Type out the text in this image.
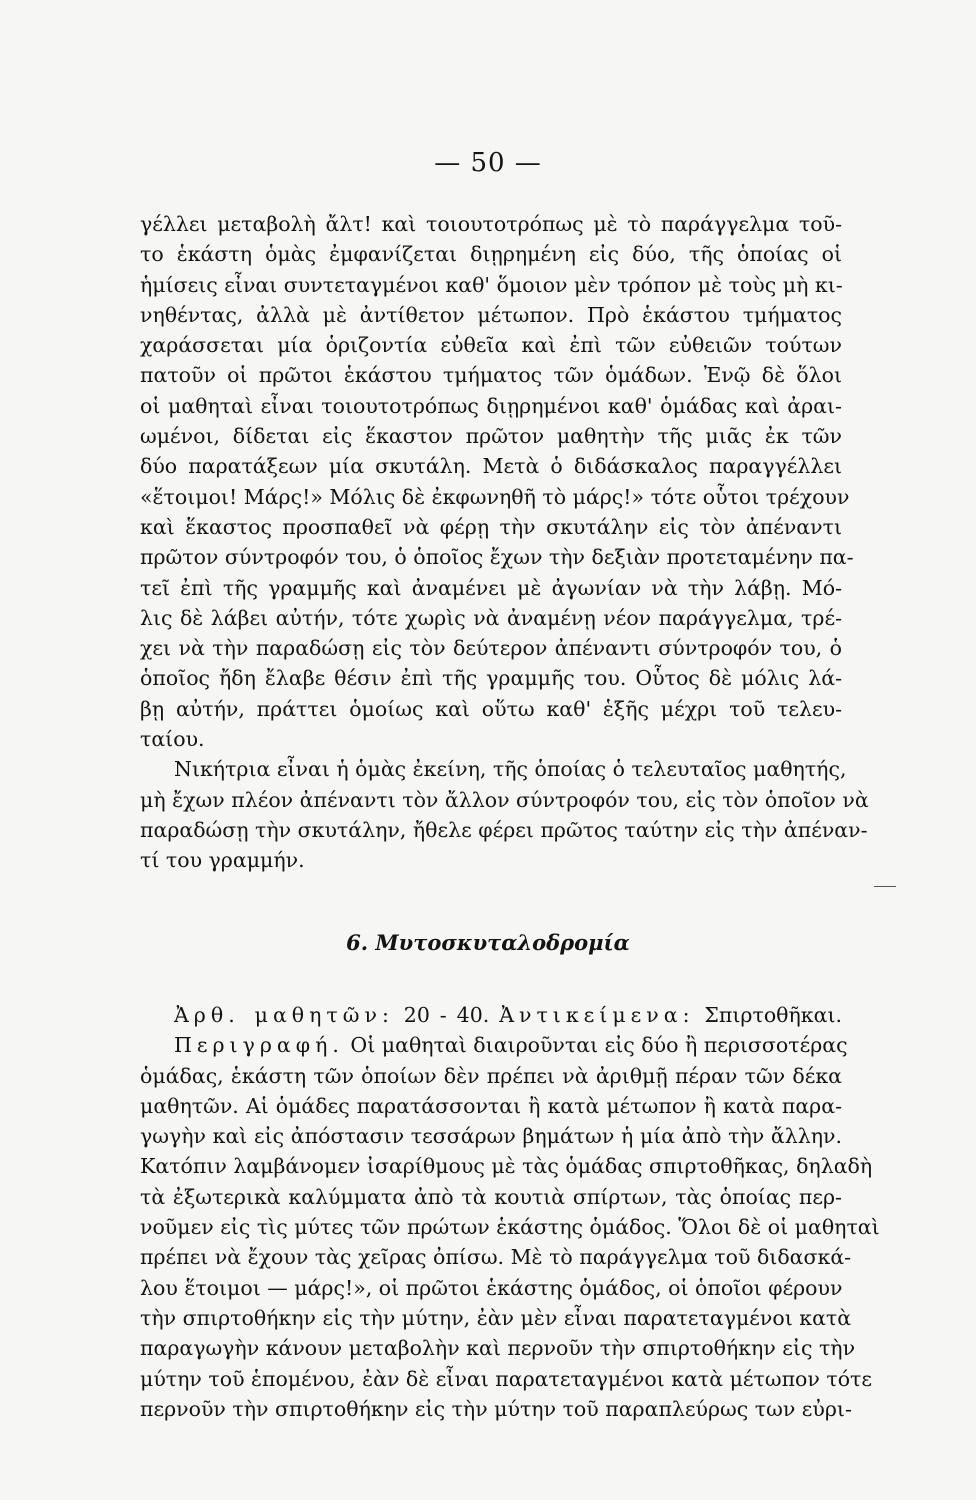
— 50 —
γέλλει μεταβολὴ ἄλτ! καὶ τοιουτοτρόπως μὲ τὸ παράγγελμα τοῦ-
το ἑκάστη ὁμὰς ἐμφανίζεται διῃρημένη εἰς δύο, τῆς ὁποίας οἱ
ἡμίσεις εἶναι συντεταγμένοι καθ' ὅμοιον μὲν τρόπον μὲ τοὺς μὴ κι-
νηθέντας, ἀλλὰ μὲ ἀντίθετον μέτωπον. Πρὸ ἑκάστου τμήματος
χαράσσεται μία ὁριζοντία εὐθεῖα καὶ ἐπὶ τῶν εὐθειῶν τούτων
πατοῦν οἱ πρῶτοι ἑκάστου τμήματος τῶν ὁμάδων. Ἐνῷ δὲ ὅλοι
οἱ μαθηταὶ εἶναι τοιουτοτρόπως διῃρημένοι καθ' ὁμάδας καὶ ἀραι-
ωμένοι, δίδεται εἰς ἕκαστον πρῶτον μαθητὴν τῆς μιᾶς ἐκ τῶν
δύο παρατάξεων μία σκυτάλη. Μετὰ ὁ διδάσκαλος παραγγέλλει
«ἕτοιμοι! Μάρς!» Μόλις δὲ ἐκφωνηθῆ τὸ μάρς!» τότε οὗτοι τρέχουν
καὶ ἕκαστος προσπαθεῖ νὰ φέρῃ τὴν σκυτάλην εἰς τὸν ἀπέναντι
πρῶτον σύντροφόν του, ὁ ὁποῖος ἔχων τὴν δεξιὰν προτεταμένην πα-
τεῖ ἐπὶ τῆς γραμμῆς καὶ ἀναμένει μὲ ἀγωνίαν νὰ τὴν λάβῃ. Μό-
λις δὲ λάβει αὐτήν, τότε χωρὶς νὰ ἀναμένῃ νέον παράγγελμα, τρέ-
χει νὰ τὴν παραδώσῃ εἰς τὸν δεύτερον ἀπέναντι σύντροφόν του, ὁ
ὁποῖος ἤδη ἔλαβε θέσιν ἐπὶ τῆς γραμμῆς του. Οὗτος δὲ μόλις λά-
βῃ αὐτήν, πράττει ὁμοίως καὶ οὕτω καθ' ἑξῆς μέχρι τοῦ τελευ-
ταίου.
Νικήτρια εἶναι ἡ ὁμὰς ἐκείνη, τῆς ὁποίας ὁ τελευταῖος μαθητής,
μὴ ἔχων πλέον ἀπέναντι τὸν ἄλλον σύντροφόν του, εἰς τὸν ὁποῖον νὰ
παραδώσῃ τὴν σκυτάλην, ἤθελε φέρει πρῶτος ταύτην εἰς τὴν ἀπέναν-
τί του γραμμήν.
6. Μυτοσκυταλοδρομία
Ἀρθ. μαθητῶν: 20 - 40. Ἀντικείμενα: Σπιρτοθῆκαι.
Περιγραφή. Οἱ μαθηταὶ διαιροῦνται εἰς δύο ἢ περισσοτέρας
ὁμάδας, ἑκάστη τῶν ὁποίων δὲν πρέπει νὰ ἀριθμῇ πέραν τῶν δέκα
μαθητῶν. Αἱ ὁμάδες παρατάσσονται ἢ κατὰ μέτωπον ἢ κατὰ παρα-
γωγὴν καὶ εἰς ἀπόστασιν τεσσάρων βημάτων ἡ μία ἀπὸ τὴν ἄλλην.
Κατόπιν λαμβάνομεν ἰσαρίθμους μὲ τὰς ὁμάδας σπιρτοθῆκας, δηλαδὴ
τὰ ἐξωτερικὰ καλύμματα ἀπὸ τὰ κουτιὰ σπίρτων, τὰς ὁποίας περ-
νοῦμεν εἰς τὶς μύτες τῶν πρώτων ἑκάστης ὁμάδος. Ὅλοι δὲ οἱ μαθηταὶ
πρέπει νὰ ἔχουν τὰς χεῖρας ὀπίσω. Μὲ τὸ παράγγελμα τοῦ διδασκά-
λου ἕτοιμοι — μάρς!», οἱ πρῶτοι ἑκάστης ὁμάδος, οἱ ὁποῖοι φέρουν
τὴν σπιρτοθήκην εἰς τὴν μύτην, ἐὰν μὲν εἶναι παρατεταγμένοι κατὰ
παραγωγὴν κάνουν μεταβολὴν καὶ περνοῦν τὴν σπιρτοθήκην εἰς τὴν
μύτην τοῦ ἑπομένου, ἐὰν δὲ εἶναι παρατεταγμένοι κατὰ μέτωπον τότε
περνοῦν τὴν σπιρτοθήκην εἰς τὴν μύτην τοῦ παραπλεύρως των εὐρι-
